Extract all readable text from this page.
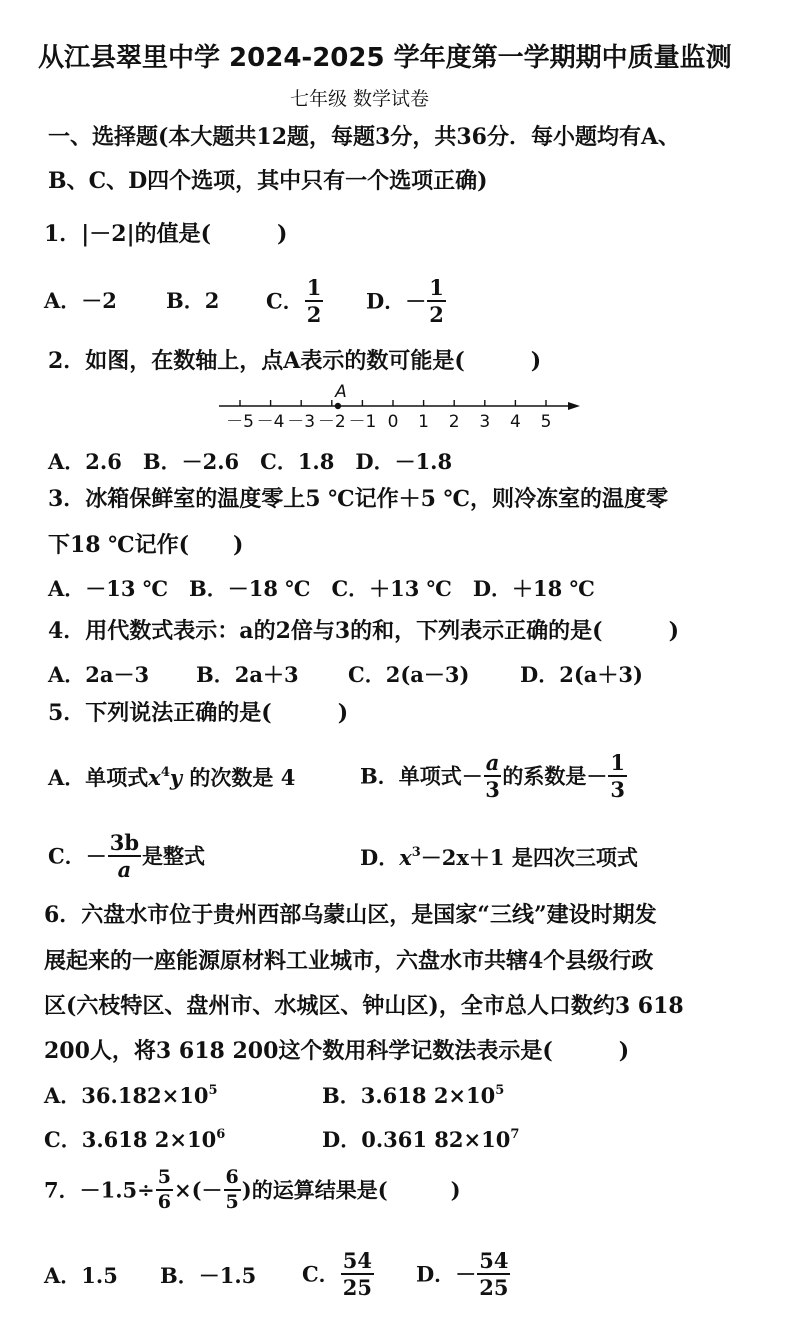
从江县翠里中学 2024-2025 学年度第一学期期中质量监测
七年级 数学试卷
一、选择题(本大题共12题，每题3分，共36分．每小题均有A、
B、C、D四个选项，其中只有一个选项正确)
1．|－2|的值是(　　　)
A．－2 B．2 C． $\frac{1}{2}$ D．－ $\frac{1}{2}$
2．如图，在数轴上，点A表示的数可能是(　　　)
－5 －4 －3 －2 －1 0 1 2 3 4 5
A
A．2.6　B．－2.6　C．1.8　D．－1.8
3．冰箱保鲜室的温度零上5 ℃记作＋5 ℃，则冷冻室的温度零
下18 ℃记作(　　)
A．－13 ℃　B．－18 ℃　C．＋13 ℃　D．＋18 ℃
4．用代数式表示：a的2倍与3的和，下列表示正确的是(　　　)
A．2a－3 B．2a＋3 C．2(a－3) D．2(a＋3)
5．下列说法正确的是(　　　)
A．单项式$x^4y$ 的次数是 4	B．单项式－ $\frac{a}{3}$ 的系数是－ $\frac{1}{3}$
C．－ $\frac{3b}{a}$ 是整式	D．$x^3-2x+1$ 是四次三项式
6．六盘水市位于贵州西部乌蒙山区，是国家“三线”建设时期发
展起来的一座能源原材料工业城市，六盘水市共辖4个县级行政
区(六枝特区、盘州市、水城区、钟山区)，全市总人口数约3 618
200人，将3 618 200这个数用科学记数法表示是(　　　)
A．$36.182\times 10^5$	B．3.618 $2\times 10^5$
C．3.618 $2\times 10^6$	D．0.361 $82\times 10^7$
7．$-1.5\div \frac{5}{6}$ ×(－ $\frac{6}{5}$ )的运算结果是(　　　)
A．1.5 B．－1.5 C． $\frac{54}{25}$ D．－ $\frac{54}{25}$
